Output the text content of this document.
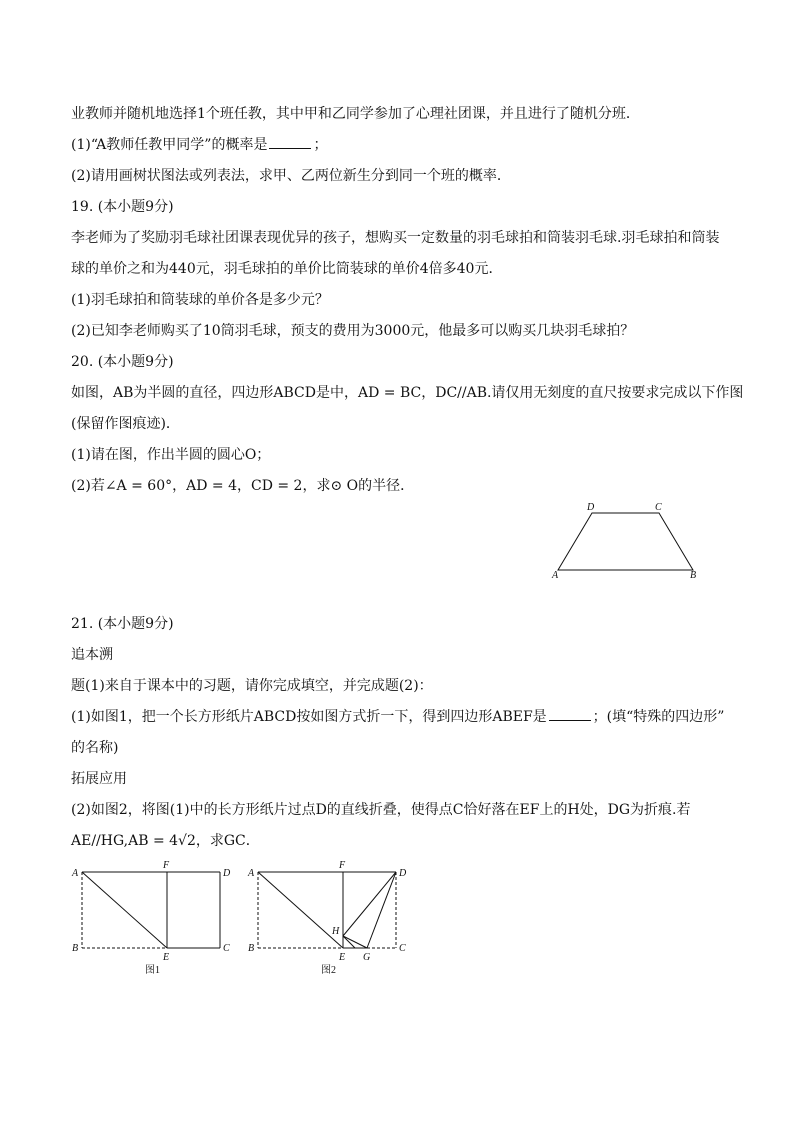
业教师并随机地选择1个班任教，其中甲和乙同学参加了心理社团课，并且进行了随机分班．
(1)“A教师任教甲同学”的概率是	；
(2)请用画树状图法或列表法，求甲、乙两位新生分到同一个班的概率．
19. (本小题9分)
李老师为了奖励羽毛球社团课表现优异的孩子，想购买一定数量的羽毛球拍和筒装羽毛球.羽毛球拍和筒装
球的单价之和为440元，羽毛球拍的单价比筒装球的单价4倍多40元．
(1)羽毛球拍和筒装球的单价各是多少元？
(2)已知李老师购买了10筒羽毛球，预支的费用为3000元，他最多可以购买几块羽毛球拍？
20. (本小题9分)
如图，AB为半圆的直径，四边形ABCD是中，AD = BC，DC//AB.请仅用无刻度的直尺按要求完成以下作图
(保留作图痕迹)．
(1)请在图，作出半圆的圆心O；
(2)若∠A = 60°，AD = 4，CD = 2，求⊙ O的半径．
D	C
A	B
21. (本小题9分)
追本溯
题(1)来自于课本中的习题，请你完成填空，并完成题(2)：
(1)如图1，把一个长方形纸片ABCD按如图方式折一下，得到四边形ABEF是	；(填“特殊的四边形”
的名称)
拓展应用
(2)如图2，将图(1)中的长方形纸片过点D的直线折叠，使得点C恰好落在EF上的H处，DG为折痕.若
AE//HG,AB = 4√2，求GC．
A
F
D
B
E
C
图1
A
F
D
H
B
E G
C
图2
